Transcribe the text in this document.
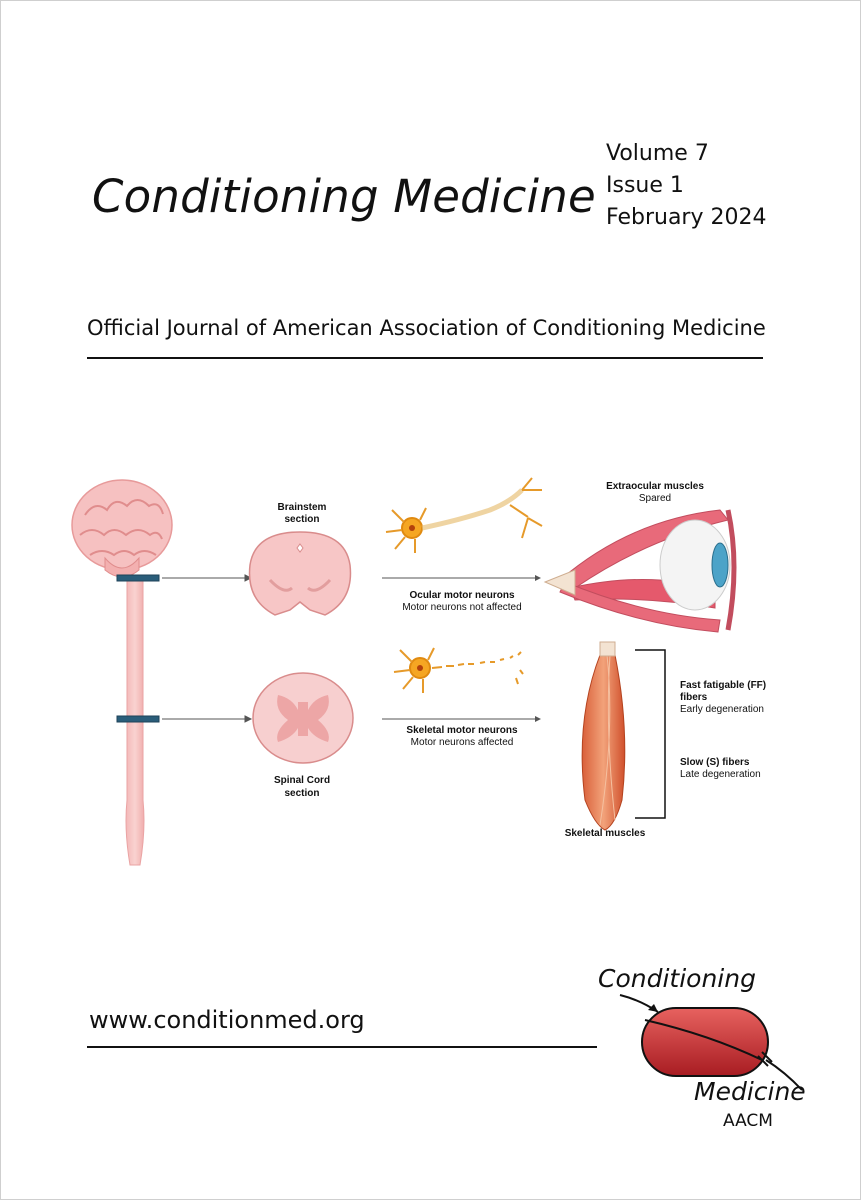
Conditioning Medicine
Volume 7
Issue 1
February 2024
Official Journal of American Association of Conditioning Medicine
Brainstem
section
Spinal Cord
section
Ocular motor neurons
Motor neurons not affected
Skeletal motor neurons
Motor neurons affected
Extraocular muscles
Spared
Fast fatigable (FF)
fibers
Early degeneration
Slow (S) fibers
Late degeneration
Skeletal muscles
www.conditionmed.org
Conditioning
Medicine
AACM
